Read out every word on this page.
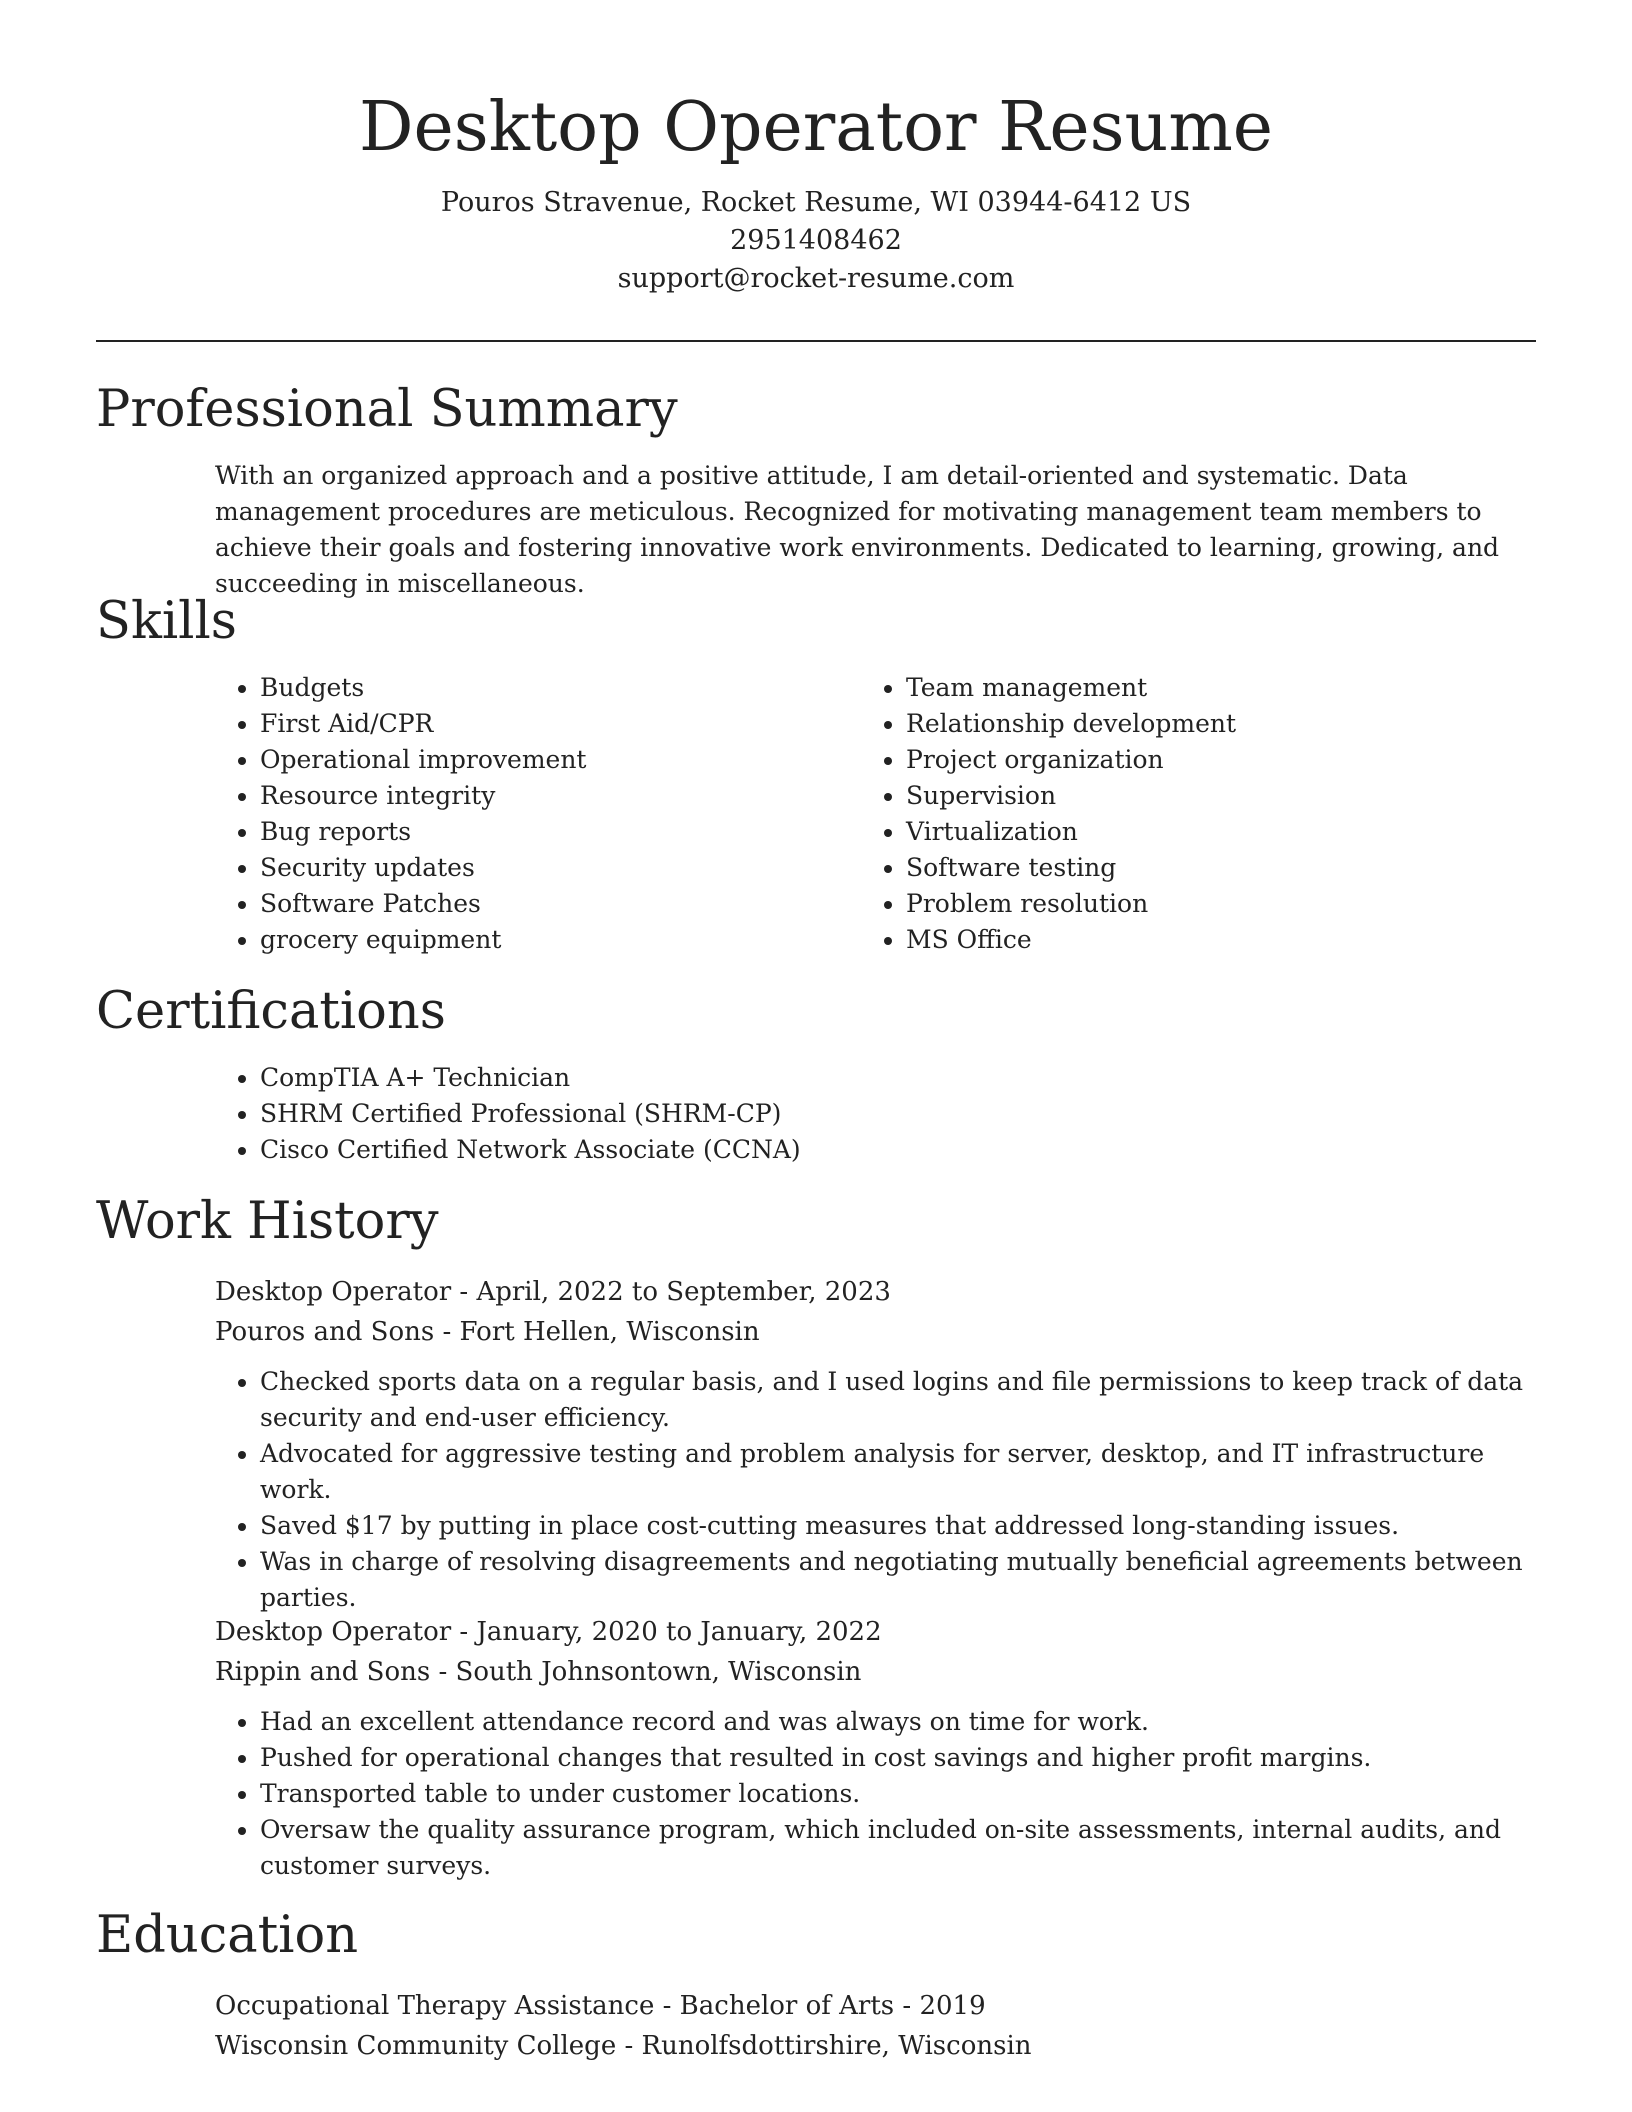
Desktop Operator Resume
Pouros Stravenue, Rocket Resume, WI 03944-6412 US
2951408462
support@rocket-resume.com
Professional Summary

With an organized approach and a positive attitude, I am detail-oriented and systematic. Data management procedures are meticulous. Recognized for motivating management team members to achieve their goals and fostering innovative work environments. Dedicated to learning, growing, and succeeding in miscellaneous.

Skills
• Budgets
• First Aid/CPR
• Operational improvement
• Resource integrity
• Bug reports
• Security updates
• Software Patches
• grocery equipment
• Team management
• Relationship development
• Project organization
• Supervision
• Virtualization
• Software testing
• Problem resolution
• MS Office
Certifications
• CompTIA A+ Technician
• SHRM Certified Professional (SHRM-CP)
• Cisco Certified Network Associate (CCNA)
Work History

Desktop Operator - April, 2022 to September, 2023

Pouros and Sons - Fort Hellen, Wisconsin

• Checked sports data on a regular basis, and I used logins and file permissions to keep track of data security and end-user efficiency.
• Advocated for aggressive testing and problem analysis for server, desktop, and IT infrastructure work.
• Saved $17 by putting in place cost-cutting measures that addressed long-standing issues.
• Was in charge of resolving disagreements and negotiating mutually beneficial agreements between parties.

Desktop Operator - January, 2020 to January, 2022

Rippin and Sons - South Johnsontown, Wisconsin

• Had an excellent attendance record and was always on time for work.
• Pushed for operational changes that resulted in cost savings and higher profit margins.
• Transported table to under customer locations.
• Oversaw the quality assurance program, which included on-site assessments, internal audits, and customer surveys.
Education

Occupational Therapy Assistance - Bachelor of Arts - 2019

Wisconsin Community College - Runolfsdottirshire, Wisconsin
